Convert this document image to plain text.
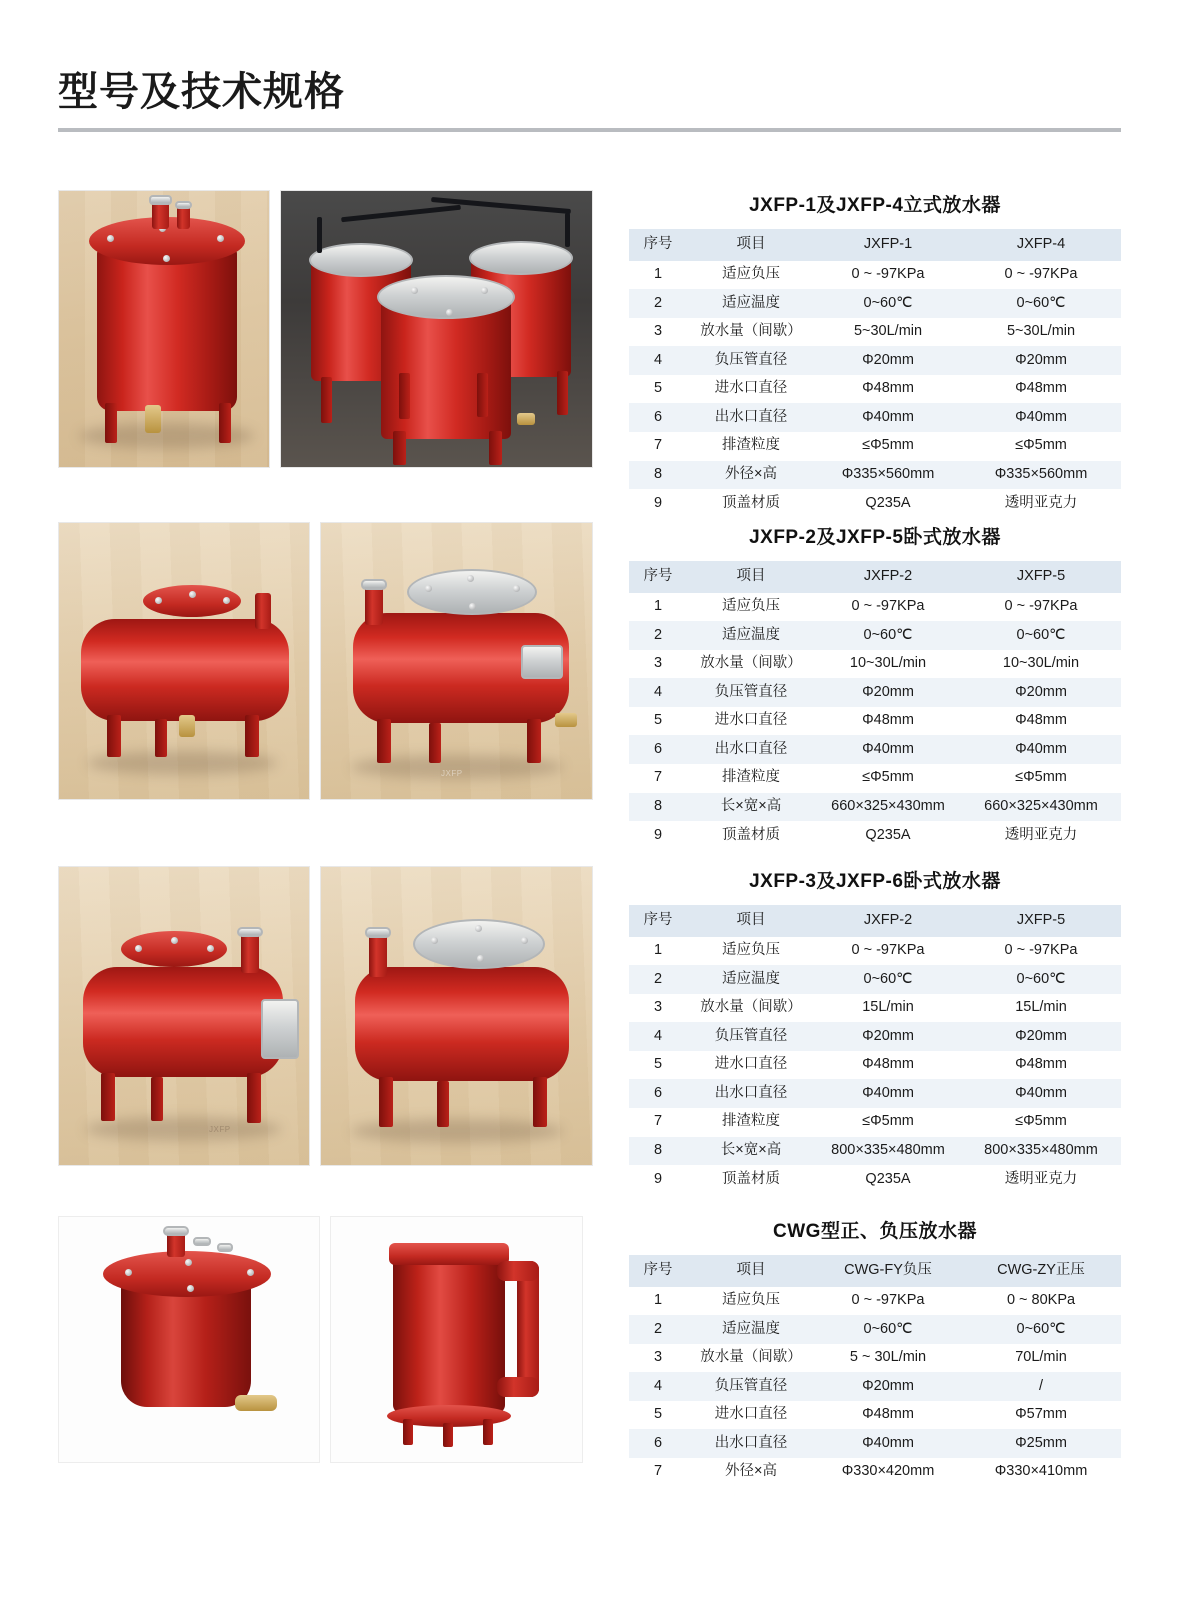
型号及技术规格
JXFP-1及JXFP-4立式放水器
序号	项目	JXFP-1	JXFP-4
1	适应负压	0 ~ -97KPa	0 ~ -97KPa
2	适应温度	0~60℃	0~60℃
3	放水量（间歇）	5~30L/min	5~30L/min
4	负压管直径	Φ20mm	Φ20mm
5	进水口直径	Φ48mm	Φ48mm
6	出水口直径	Φ40mm	Φ40mm
7	排渣粒度	≤Φ5mm	≤Φ5mm
8	外径×高	Φ335×560mm	Φ335×560mm
9	顶盖材质	Q235A	透明亚克力
JXFP
JXFP-2及JXFP-5卧式放水器
序号	项目	JXFP-2	JXFP-5
1	适应负压	0 ~ -97KPa	0 ~ -97KPa
2	适应温度	0~60℃	0~60℃
3	放水量（间歇）	10~30L/min	10~30L/min
4	负压管直径	Φ20mm	Φ20mm
5	进水口直径	Φ48mm	Φ48mm
6	出水口直径	Φ40mm	Φ40mm
7	排渣粒度	≤Φ5mm	≤Φ5mm
8	长×宽×高	660×325×430mm	660×325×430mm
9	顶盖材质	Q235A	透明亚克力
JXFP
JXFP-3及JXFP-6卧式放水器
序号	项目	JXFP-2	JXFP-5
1	适应负压	0 ~ -97KPa	0 ~ -97KPa
2	适应温度	0~60℃	0~60℃
3	放水量（间歇）	15L/min	15L/min
4	负压管直径	Φ20mm	Φ20mm
5	进水口直径	Φ48mm	Φ48mm
6	出水口直径	Φ40mm	Φ40mm
7	排渣粒度	≤Φ5mm	≤Φ5mm
8	长×宽×高	800×335×480mm	800×335×480mm
9	顶盖材质	Q235A	透明亚克力
CWG型正、负压放水器
序号	项目	CWG-FY负压	CWG-ZY正压
1	适应负压	0 ~ -97KPa	0 ~ 80KPa
2	适应温度	0~60℃	0~60℃
3	放水量（间歇）	5 ~ 30L/min	70L/min
4	负压管直径	Φ20mm	/
5	进水口直径	Φ48mm	Φ57mm
6	出水口直径	Φ40mm	Φ25mm
7	外径×高	Φ330×420mm	Φ330×410mm
